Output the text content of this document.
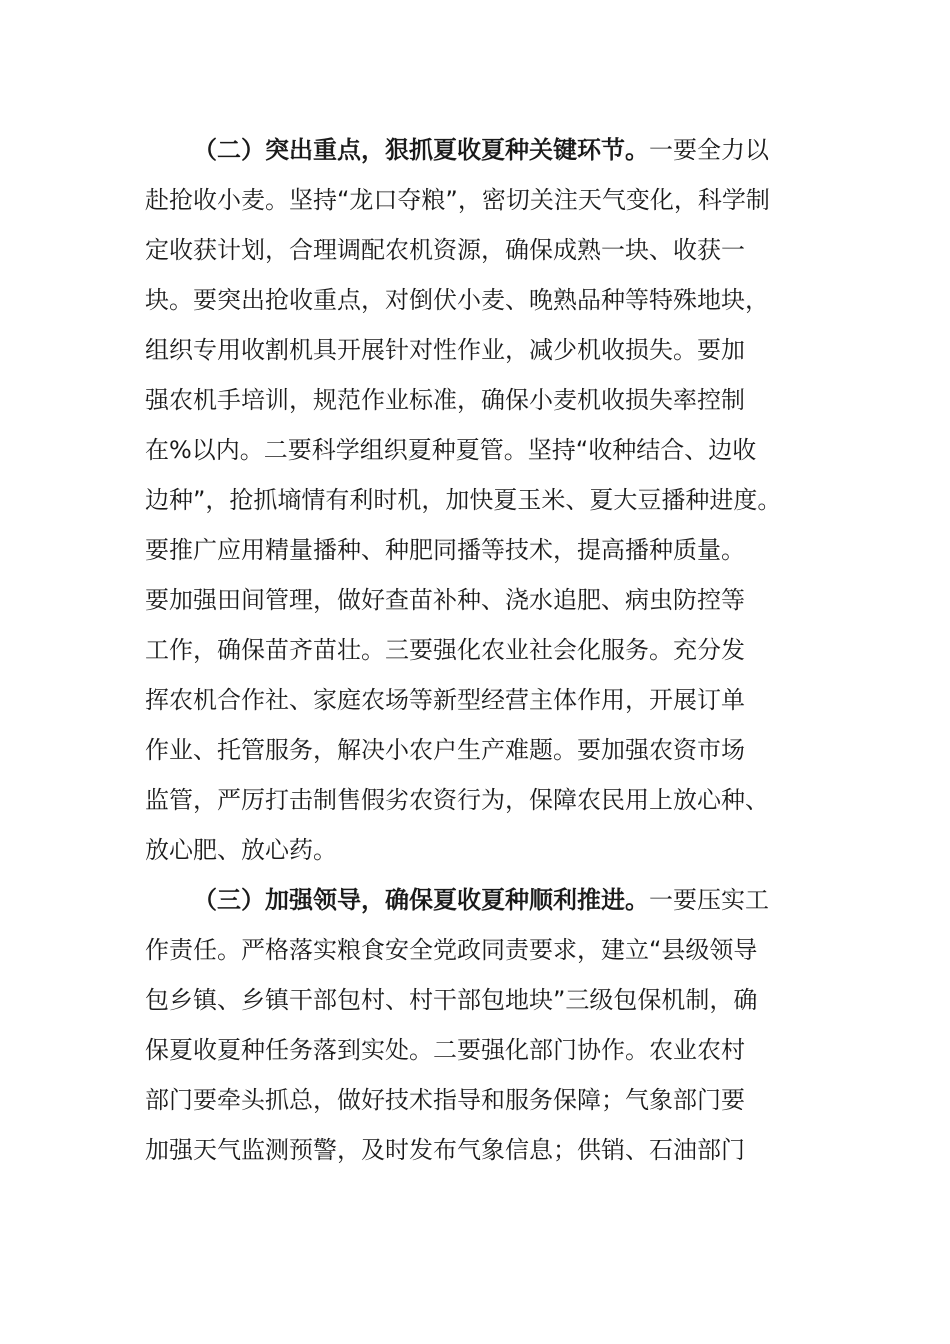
（二）突出重点，狠抓夏收夏种关键环节。一要全力以
赴抢收小麦。坚持“龙口夺粮”，密切关注天气变化，科学制
定收获计划，合理调配农机资源，确保成熟一块、收获一
块。要突出抢收重点，对倒伏小麦、晚熟品种等特殊地块，
组织专用收割机具开展针对性作业，减少机收损失。要加
强农机手培训，规范作业标准，确保小麦机收损失率控制
在%以内。二要科学组织夏种夏管。坚持“收种结合、边收
边种”，抢抓墒情有利时机，加快夏玉米、夏大豆播种进度。
要推广应用精量播种、种肥同播等技术，提高播种质量。
要加强田间管理，做好查苗补种、浇水追肥、病虫防控等
工作，确保苗齐苗壮。三要强化农业社会化服务。充分发
挥农机合作社、家庭农场等新型经营主体作用，开展订单
作业、托管服务，解决小农户生产难题。要加强农资市场
监管，严厉打击制售假劣农资行为，保障农民用上放心种、
放心肥、放心药。
（三）加强领导，确保夏收夏种顺利推进。一要压实工
作责任。严格落实粮食安全党政同责要求，建立“县级领导
包乡镇、乡镇干部包村、村干部包地块”三级包保机制，确
保夏收夏种任务落到实处。二要强化部门协作。农业农村
部门要牵头抓总，做好技术指导和服务保障；气象部门要
加强天气监测预警，及时发布气象信息；供销、石油部门
